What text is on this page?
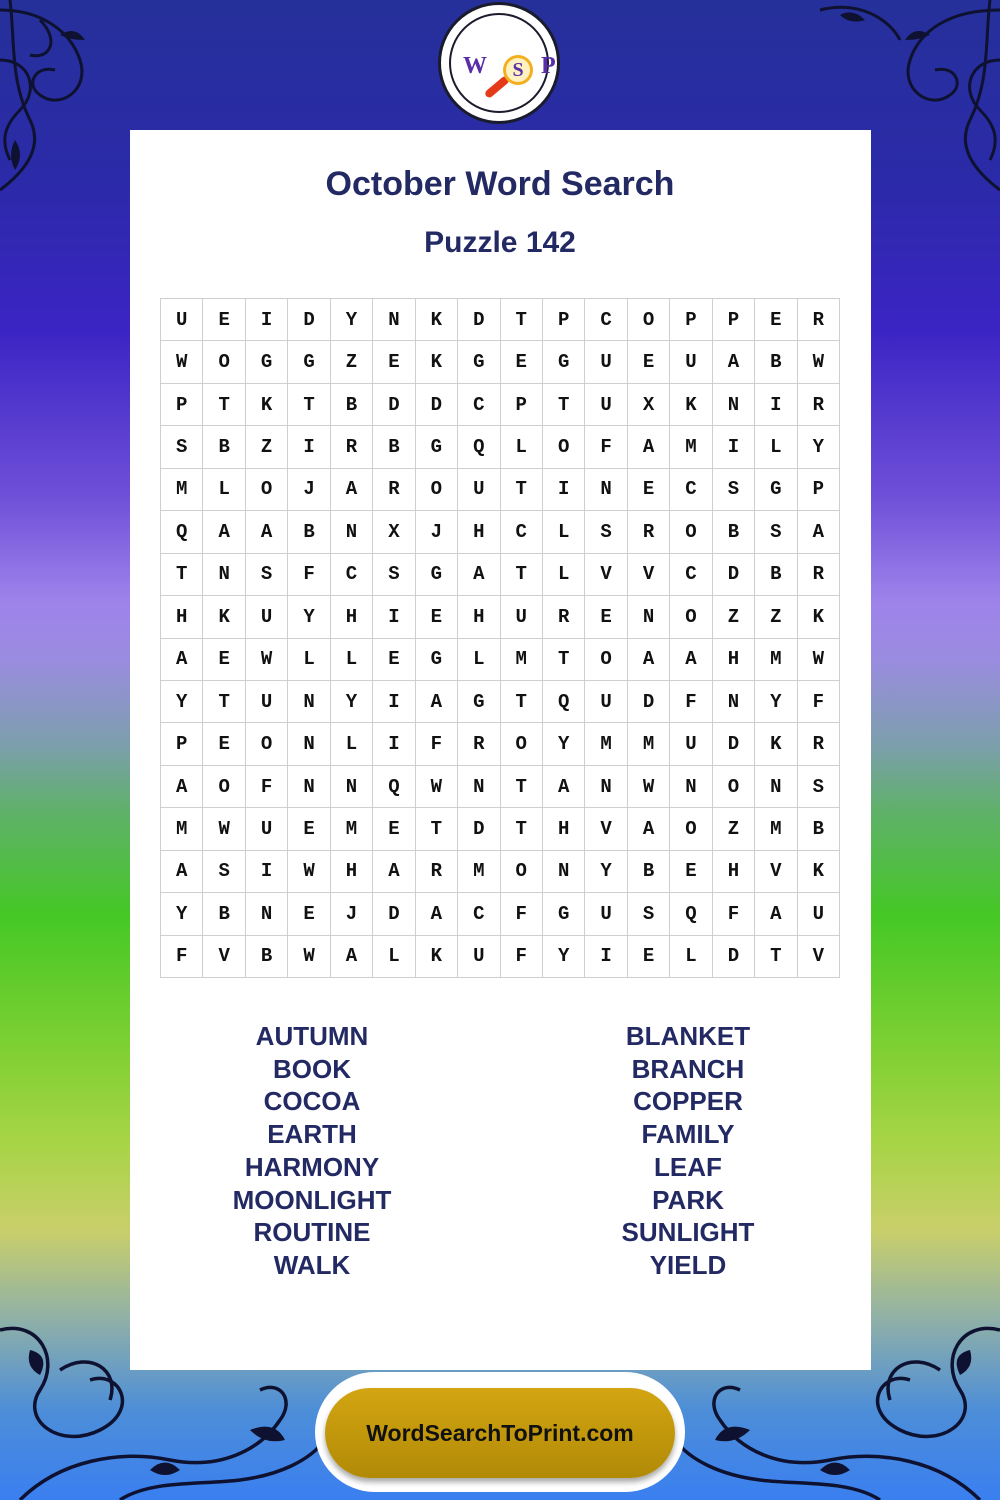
W	S P
October Word Search
Puzzle 142
U	E	I	D	Y	N	K	D	T	P	C	O	P	P	E	R
W	O	G	G	Z	E	K	G	E	G	U	E	U	A	B	W
P	T	K	T	B	D	D	C	P	T	U	X	K	N	I	R
S	B	Z	I	R	B	G	Q	L	O	F	A	M	I	L	Y
M	L	O	J	A	R	O	U	T	I	N	E	C	S	G	P
Q	A	A	B	N	X	J	H	C	L	S	R	O	B	S	A
T	N	S	F	C	S	G	A	T	L	V	V	C	D	B	R
H	K	U	Y	H	I	E	H	U	R	E	N	O	Z	Z	K
A	E	W	L	L	E	G	L	M	T	O	A	A	H	M	W
Y	T	U	N	Y	I	A	G	T	Q	U	D	F	N	Y	F
P	E	O	N	L	I	F	R	O	Y	M	M	U	D	K	R
A	O	F	N	N	Q	W	N	T	A	N	W	N	O	N	S
M	W	U	E	M	E	T	D	T	H	V	A	O	Z	M	B
A	S	I	W	H	A	R	M	O	N	Y	B	E	H	V	K
Y	B	N	E	J	D	A	C	F	G	U	S	Q	F	A	U
F	V	B	W	A	L	K	U	F	Y	I	E	L	D	T	V
AUTUMN
BOOK
COCOA
EARTH
HARMONY
MOONLIGHT
ROUTINE
WALK
BLANKET
BRANCH
COPPER
FAMILY
LEAF
PARK
SUNLIGHT
YIELD
WordSearchToPrint.com
